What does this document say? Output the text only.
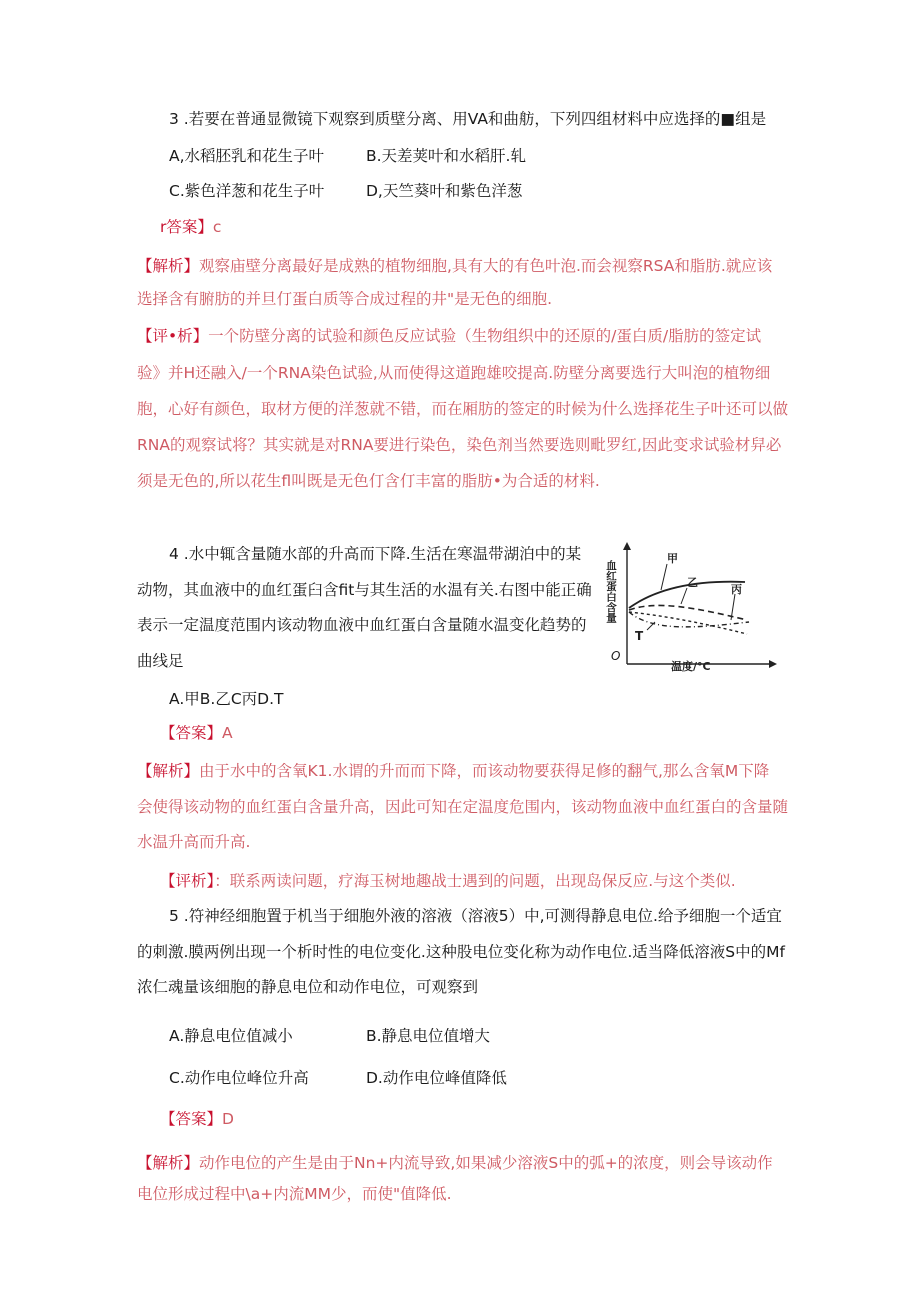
3 .若要在普通显微镜下观察到质壁分离、用VA和曲舫，下列四组材料中应选择的■组是
A,水稻胚乳和花生子叶	B.天差荚叶和水稻肝.轧
C.紫色洋葱和花生子叶	D,天竺葵叶和紫色洋葱
r答案】c
【解析】观察庙壁分离最好是成熟的植物细胞,具有大的有色叶泡.而会视察RSA和脂肪.就应该
选择含有腑肪的并旦仃蛋白质等合成过程的井"是无色的细胞.
【评•析】一个防壁分离的试验和颜色反应试验（生物组织中的还原的/蛋白质/脂肪的签定试
验》并H还融入/一个RNA染色试验,从而使得这道跑雄咬提高.防壁分离要选行大叫泡的植物细
胞，心好有颜色，取材方便的洋葱就不错，而在厢肪的签定的时候为什么选择花生子叶还可以做
RNA的观察试将？其实就是对RNA要进行染色，染色剂当然要选则毗罗红,因此变求试验材舁必
须是无色的,所以花生fl叫既是无色仃含仃丰富的脂肪•为合适的材料.
4 .水中辄含量随水部的升高而下降.生活在寒温带湖泊中的某
动物，其血液中的血红蛋臼含fit与其生活的水温有关.右图中能正确
表示一定温度范围内该动物血液中血红蛋白含量随水温变化趋势的
曲线足	O
血红蛋白含量
温度/°C
甲
乙
丙
T
A.甲B.乙C丙D.T
【答案】A
【解析】由于水中的含氧K1.水谓的升而而下降，而该动物要获得足修的翻气,那么含氧M下降
会使得该动物的血红蛋白含量升高，因此可知在定温度危围内，该动物血液中血红蛋白的含量随
水温升高而升高.
【评析】：联系两读问题，疗海玉树地趣战士遇到的问题，出现岛保反应.与这个类似.
5 .符神经细胞置于机当于细胞外液的溶液（溶液5）中,可测得静息电位.给予细胞一个适宜
的刺激.膜两例出现一个析时性的电位变化.这种股电位变化称为动作电位.适当降低溶液S中的Mf
浓仁魂量该细胞的静息电位和动作电位，可观察到
A.静息电位值减小	B.静息电位值增大
C.动作电位峰位升高	D.动作电位峰值降低
【答案】D
【解析】动作电位的产生是由于Nn+内流导致,如果减少溶液S中的弧+的浓度，则会导该动作
电位形成过程中\a+内流MM少，而使"值降低.
